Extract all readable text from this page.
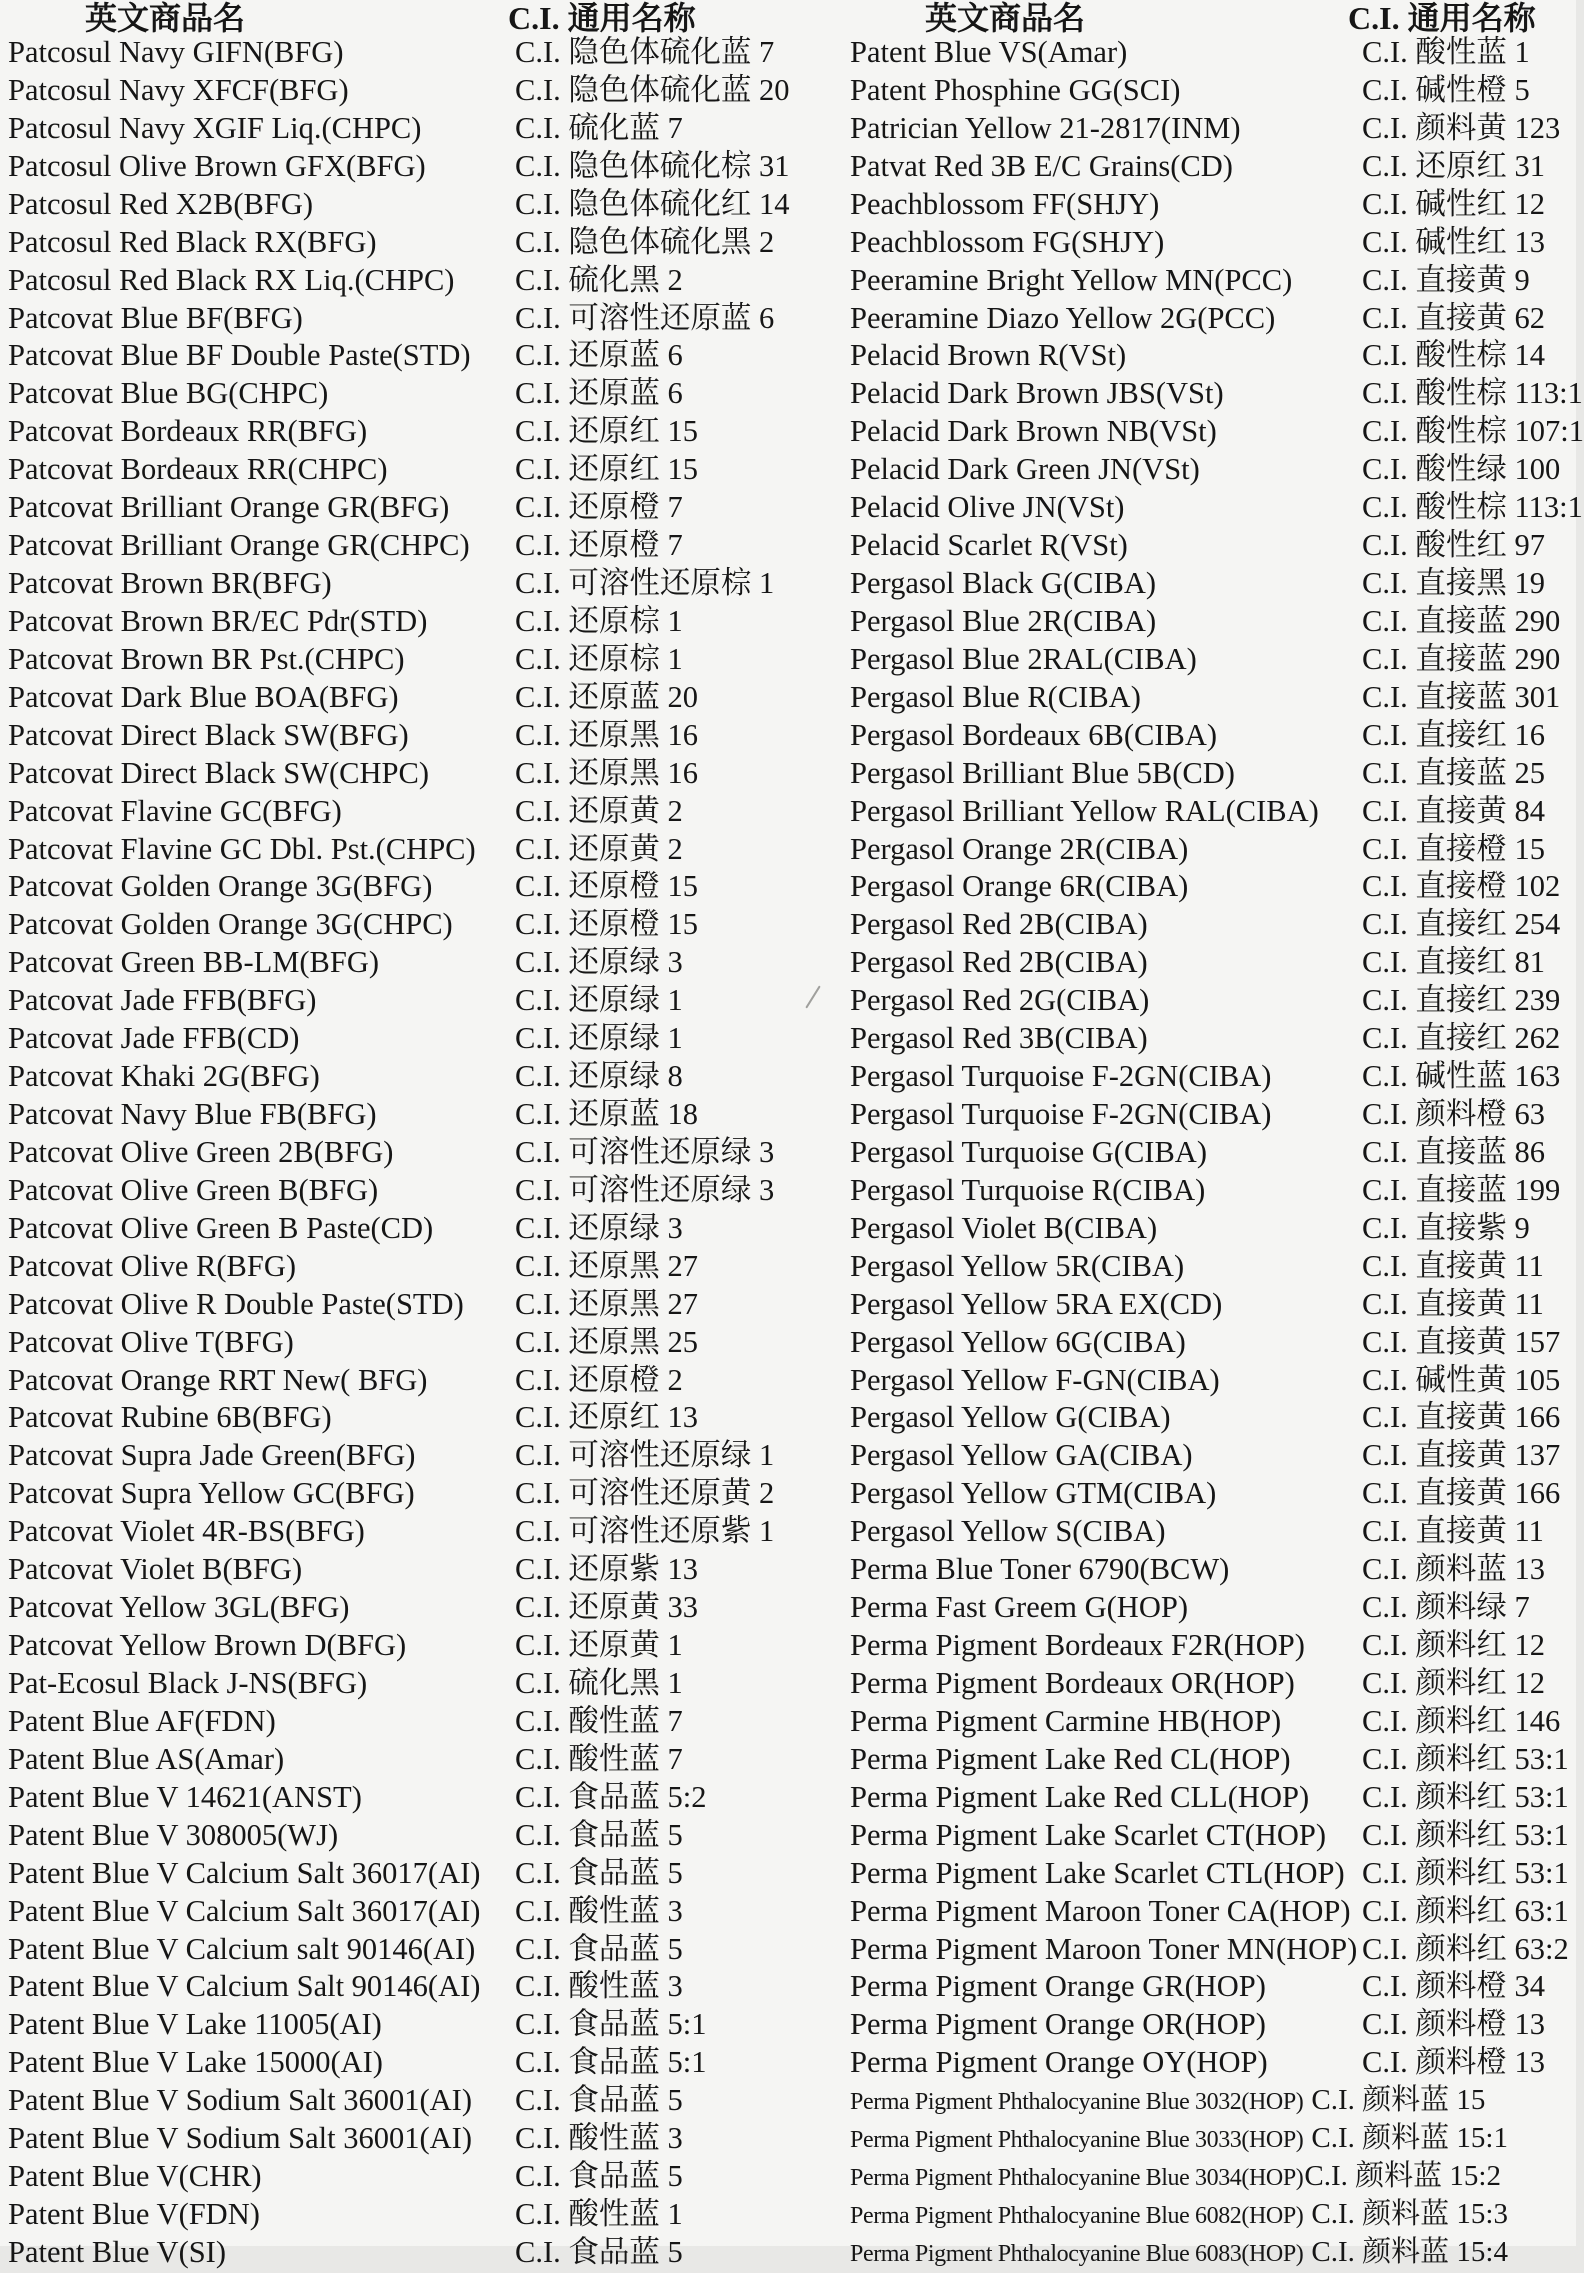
英文商品名	C.I. 通用名称	英文商品名	C.I. 通用名称
Patcosul Navy GIFN(BFG)	C.I. 隐色体硫化蓝 7 Patent Blue VS(Amar)	C.I. 酸性蓝 1
Patcosul Navy XFCF(BFG)	C.I. 隐色体硫化蓝 20 Patent Phosphine GG(SCI)	C.I. 碱性橙 5
Patcosul Navy XGIF Liq.(CHPC)	C.I. 硫化蓝 7	Patrician Yellow 21-2817(INM)	C.I. 颜料黄 123
Patcosul Olive Brown GFX(BFG)	C.I. 隐色体硫化棕 31 Patvat Red 3B E/C Grains(CD)	C.I. 还原红 31
Patcosul Red X2B(BFG)	C.I. 隐色体硫化红 14 Peachblossom FF(SHJY)	C.I. 碱性红 12
Patcosul Red Black RX(BFG)	C.I. 隐色体硫化黑 2 Peachblossom FG(SHJY)	C.I. 碱性红 13
Patcosul Red Black RX Liq.(CHPC) C.I. 硫化黑 2	Peeramine Bright Yellow MN(PCC) C.I. 直接黄 9
Patcovat Blue BF(BFG)	C.I. 可溶性还原蓝 6 Peeramine Diazo Yellow 2G(PCC)	C.I. 直接黄 62
Patcovat Blue BF Double Paste(STD) C.I. 还原蓝 6	Pelacid Brown R(VSt)	C.I. 酸性棕 14
Patcovat Blue BG(CHPC)	C.I. 还原蓝 6	Pelacid Dark Brown JBS(VSt)	C.I. 酸性棕 113:1
Patcovat Bordeaux RR(BFG)	C.I. 还原红 15	Pelacid Dark Brown NB(VSt)	C.I. 酸性棕 107:1
Patcovat Bordeaux RR(CHPC)	C.I. 还原红 15	Pelacid Dark Green JN(VSt)	C.I. 酸性绿 100
Patcovat Brilliant Orange GR(BFG) C.I. 还原橙 7	Pelacid Olive JN(VSt)	C.I. 酸性棕 113:1
Patcovat Brilliant Orange GR(CHPC) C.I. 还原橙 7	Pelacid Scarlet R(VSt)	C.I. 酸性红 97
Patcovat Brown BR(BFG)	C.I. 可溶性还原棕 1 Pergasol Black G(CIBA)	C.I. 直接黑 19
Patcovat Brown BR/EC Pdr(STD)	C.I. 还原棕 1	Pergasol Blue 2R(CIBA)	C.I. 直接蓝 290
Patcovat Brown BR Pst.(CHPC)	C.I. 还原棕 1	Pergasol Blue 2RAL(CIBA)	C.I. 直接蓝 290
Patcovat Dark Blue BOA(BFG)	C.I. 还原蓝 20	Pergasol Blue R(CIBA)	C.I. 直接蓝 301
Patcovat Direct Black SW(BFG)	C.I. 还原黑 16	Pergasol Bordeaux 6B(CIBA)	C.I. 直接红 16
Patcovat Direct Black SW(CHPC)	C.I. 还原黑 16	Pergasol Brilliant Blue 5B(CD)	C.I. 直接蓝 25
Patcovat Flavine GC(BFG)	C.I. 还原黄 2	Pergasol Brilliant Yellow RAL(CIBA) C.I. 直接黄 84
Patcovat Flavine GC Dbl. Pst.(CHPC) C.I. 还原黄 2	Pergasol Orange 2R(CIBA)	C.I. 直接橙 15
Patcovat Golden Orange 3G(BFG)	C.I. 还原橙 15	Pergasol Orange 6R(CIBA)	C.I. 直接橙 102
Patcovat Golden Orange 3G(CHPC) C.I. 还原橙 15	Pergasol Red 2B(CIBA)	C.I. 直接红 254
Patcovat Green BB-LM(BFG)	C.I. 还原绿 3	Pergasol Red 2B(CIBA)	C.I. 直接红 81
Patcovat Jade FFB(BFG)	C.I. 还原绿 1	Pergasol Red 2G(CIBA)	C.I. 直接红 239
Patcovat Jade FFB(CD)	C.I. 还原绿 1	Pergasol Red 3B(CIBA)	C.I. 直接红 262
Patcovat Khaki 2G(BFG)	C.I. 还原绿 8	Pergasol Turquoise F-2GN(CIBA)	C.I. 碱性蓝 163
Patcovat Navy Blue FB(BFG)	C.I. 还原蓝 18	Pergasol Turquoise F-2GN(CIBA)	C.I. 颜料橙 63
Patcovat Olive Green 2B(BFG)	C.I. 可溶性还原绿 3 Pergasol Turquoise G(CIBA)	C.I. 直接蓝 86
Patcovat Olive Green B(BFG)	C.I. 可溶性还原绿 3 Pergasol Turquoise R(CIBA)	C.I. 直接蓝 199
Patcovat Olive Green B Paste(CD)	C.I. 还原绿 3	Pergasol Violet B(CIBA)	C.I. 直接紫 9
Patcovat Olive R(BFG)	C.I. 还原黑 27	Pergasol Yellow 5R(CIBA)	C.I. 直接黄 11
Patcovat Olive R Double Paste(STD) C.I. 还原黑 27	Pergasol Yellow 5RA EX(CD)	C.I. 直接黄 11
Patcovat Olive T(BFG)	C.I. 还原黑 25	Pergasol Yellow 6G(CIBA)	C.I. 直接黄 157
Patcovat Orange RRT New( BFG)	C.I. 还原橙 2	Pergasol Yellow F-GN(CIBA)	C.I. 碱性黄 105
Patcovat Rubine 6B(BFG)	C.I. 还原红 13	Pergasol Yellow G(CIBA)	C.I. 直接黄 166
Patcovat Supra Jade Green(BFG)	C.I. 可溶性还原绿 1 Pergasol Yellow GA(CIBA)	C.I. 直接黄 137
Patcovat Supra Yellow GC(BFG)	C.I. 可溶性还原黄 2 Pergasol Yellow GTM(CIBA)	C.I. 直接黄 166
Patcovat Violet 4R-BS(BFG)	C.I. 可溶性还原紫 1 Pergasol Yellow S(CIBA)	C.I. 直接黄 11
Patcovat Violet B(BFG)	C.I. 还原紫 13	Perma Blue Toner 6790(BCW)	C.I. 颜料蓝 13
Patcovat Yellow 3GL(BFG)	C.I. 还原黄 33	Perma Fast Greem G(HOP)	C.I. 颜料绿 7
Patcovat Yellow Brown D(BFG)	C.I. 还原黄 1	Perma Pigment Bordeaux F2R(HOP) C.I. 颜料红 12
Pat-Ecosul Black J-NS(BFG)	C.I. 硫化黑 1	Perma Pigment Bordeaux OR(HOP) C.I. 颜料红 12
Patent Blue AF(FDN)	C.I. 酸性蓝 7	Perma Pigment Carmine HB(HOP)	C.I. 颜料红 146
Patent Blue AS(Amar)	C.I. 酸性蓝 7	Perma Pigment Lake Red CL(HOP) C.I. 颜料红 53:1
Patent Blue V 14621(ANST)	C.I. 食品蓝 5:2	Perma Pigment Lake Red CLL(HOP) C.I. 颜料红 53:1
Patent Blue V 308005(WJ)	C.I. 食品蓝 5	Perma Pigment Lake Scarlet CT(HOP) C.I. 颜料红 53:1
Patent Blue V Calcium Salt 36017(AI) C.I. 食品蓝 5	Perma Pigment Lake Scarlet CTL(HOP) C.I. 颜料红 53:1
Patent Blue V Calcium Salt 36017(AI) C.I. 酸性蓝 3	Perma Pigment Maroon Toner CA(HOP) C.I. 颜料红 63:1
Patent Blue V Calcium salt 90146(AI) C.I. 食品蓝 5	Perma Pigment Maroon Toner MN(HOP) C.I. 颜料红 63:2
Patent Blue V Calcium Salt 90146(AI) C.I. 酸性蓝 3	Perma Pigment Orange GR(HOP)	C.I. 颜料橙 34
Patent Blue V Lake 11005(AI)	C.I. 食品蓝 5:1	Perma Pigment Orange OR(HOP)	C.I. 颜料橙 13
Patent Blue V Lake 15000(AI)	C.I. 食品蓝 5:1	Perma Pigment Orange OY(HOP)	C.I. 颜料橙 13
Patent Blue V Sodium Salt 36001(AI) C.I. 食品蓝 5	Perma Pigment Phthalocyanine Blue 3032(HOP) C.I. 颜料蓝 15
Patent Blue V Sodium Salt 36001(AI) C.I. 酸性蓝 3	Perma Pigment Phthalocyanine Blue 3033(HOP) C.I. 颜料蓝 15:1
Patent Blue V(CHR)	C.I. 食品蓝 5	Perma Pigment Phthalocyanine Blue 3034(HOP) C.I. 颜料蓝 15:2
Patent Blue V(FDN)	C.I. 酸性蓝 1	Perma Pigment Phthalocyanine Blue 6082(HOP) C.I. 颜料蓝 15:3
Patent Blue V(SI)	C.I. 食品蓝 5	Perma Pigment Phthalocyanine Blue 6083(HOP) C.I. 颜料蓝 15:4
